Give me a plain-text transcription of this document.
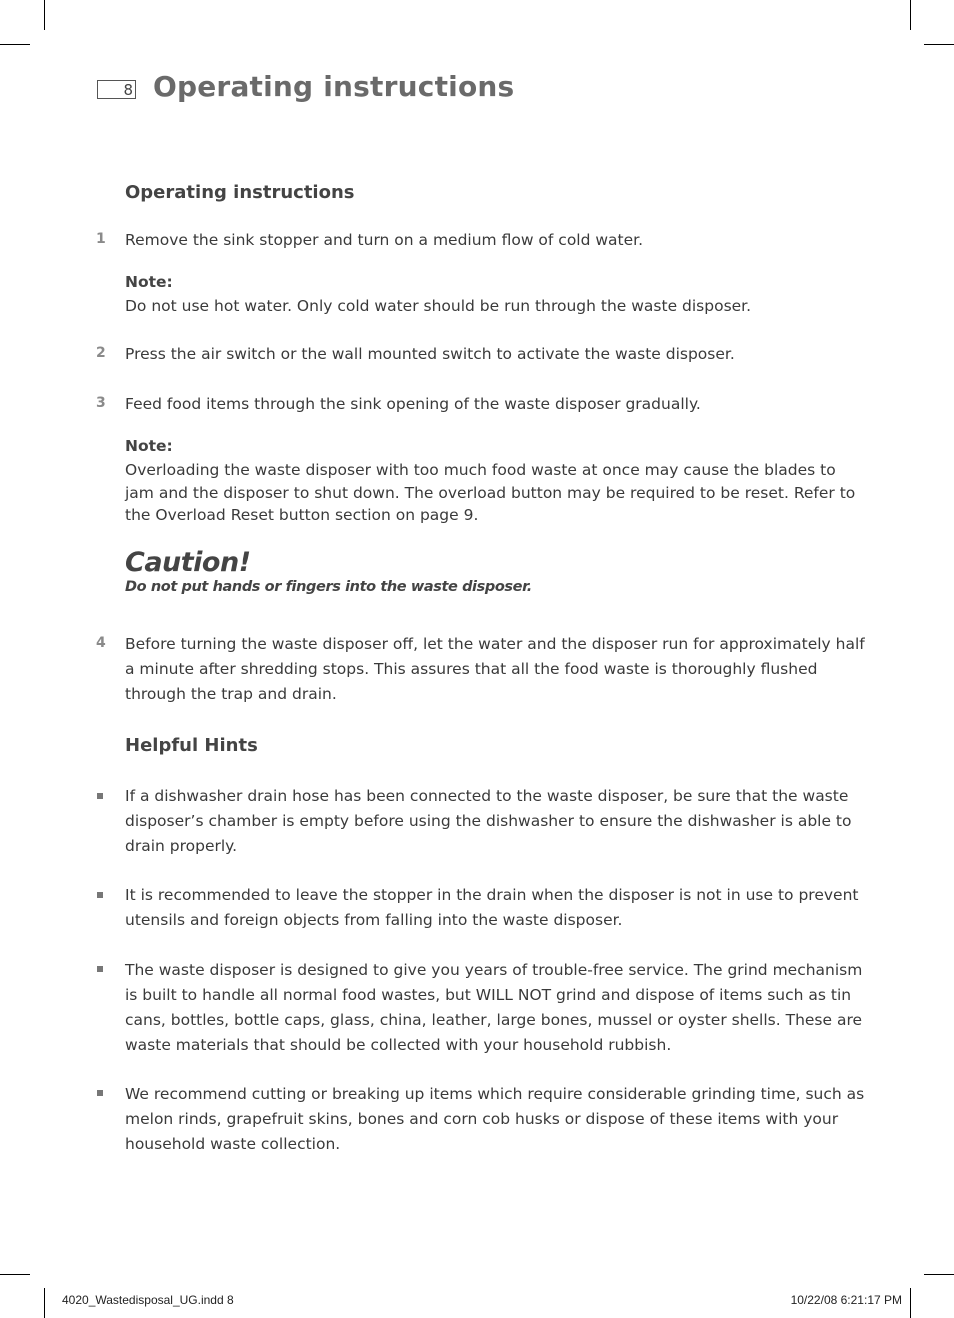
8 Operating instructions
Operating instructions
1 Remove the sink stopper and turn on a medium flow of cold water.
Note:
Do not use hot water. Only cold water should be run through the waste disposer.
2 Press the air switch or the wall mounted switch to activate the waste disposer.
3 Feed food items through the sink opening of the waste disposer gradually.
Note:
Overloading the waste disposer with too much food waste at once may cause the blades to jam and the disposer to shut down. The overload button may be required to be reset. Refer to the Overload Reset button section on page 9.
Caution!
Do not put hands or fingers into the waste disposer.
4 Before turning the waste disposer off, let the water and the disposer run for approximately half a minute after shredding stops. This assures that all the food waste is thoroughly flushed through the trap and drain.
Helpful Hints
If a dishwasher drain hose has been connected to the waste disposer, be sure that the waste disposer’s chamber is empty before using the dishwasher to ensure the dishwasher is able to drain properly.
It is recommended to leave the stopper in the drain when the disposer is not in use to prevent utensils and foreign objects from falling into the waste disposer.
The waste disposer is designed to give you years of trouble-free service. The grind mechanism is built to handle all normal food wastes, but WILL NOT grind and dispose of items such as tin cans, bottles, bottle caps, glass, china, leather, large bones, mussel or oyster shells. These are waste materials that should be collected with your household rubbish.
We recommend cutting or breaking up items which require considerable grinding time, such as melon rinds, grapefruit skins, bones and corn cob husks or dispose of these items with your household waste collection.
4020_Wastedisposal_UG.indd 8	10/22/08 6:21:17 PM
